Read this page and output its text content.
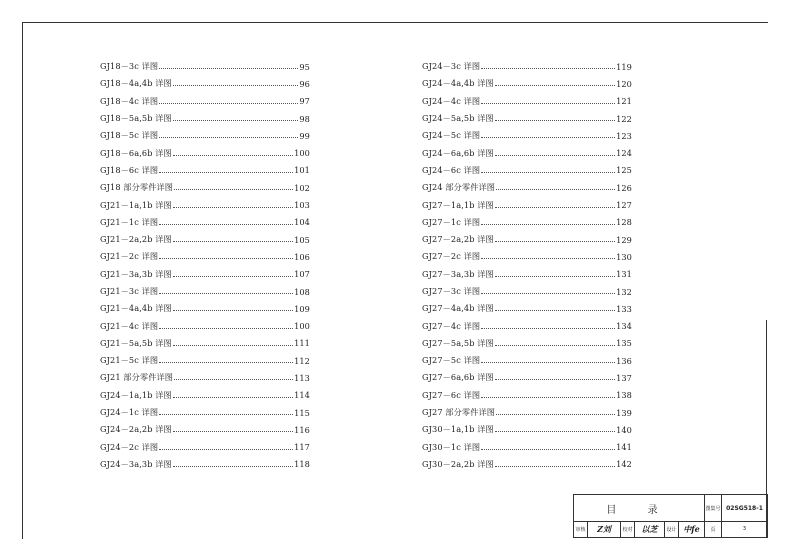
GJ18－3c 详图	95
GJ18－4a,4b 详图	96
GJ18－4c 详图	97
GJ18－5a,5b 详图	98
GJ18－5c 详图	99
GJ18－6a,6b 详图	100
GJ18－6c 详图	101
GJ18 部分零件详图	102
GJ21－1a,1b 详图	103
GJ21－1c 详图	104
GJ21－2a,2b 详图	105
GJ21－2c 详图	106
GJ21－3a,3b 详图	107
GJ21－3c 详图	108
GJ21－4a,4b 详图	109
GJ21－4c 详图	100
GJ21－5a,5b 详图	111
GJ21－5c 详图	112
GJ21 部分零件详图	113
GJ24－1a,1b 详图	114
GJ24－1c 详图	115
GJ24－2a,2b 详图	116
GJ24－2c 详图	117
GJ24－3a,3b 详图	118
GJ24－3c 详图	119
GJ24－4a,4b 详图	120
GJ24－4c 详图	121
GJ24－5a,5b 详图	122
GJ24－5c 详图	123
GJ24－6a,6b 详图	124
GJ24－6c 详图	125
GJ24 部分零件详图	126
GJ27－1a,1b 详图	127
GJ27－1c 详图	128
GJ27－2a,2b 详图	129
GJ27－2c 详图	130
GJ27－3a,3b 详图	131
GJ27－3c 详图	132
GJ27－4a,4b 详图	133
GJ27－4c 详图	134
GJ27－5a,5b 详图	135
GJ27－5c 详图	136
GJ27－6a,6b 详图	137
GJ27－6c 详图	138
GJ27 部分零件详图	139
GJ30－1a,1b 详图	140
GJ30－1c 详图	141
GJ30－2a,2b 详图	142
目 录	图集号 02SG518-1
审核	Z刘 校对	以芝 设计 中fe	页	3
